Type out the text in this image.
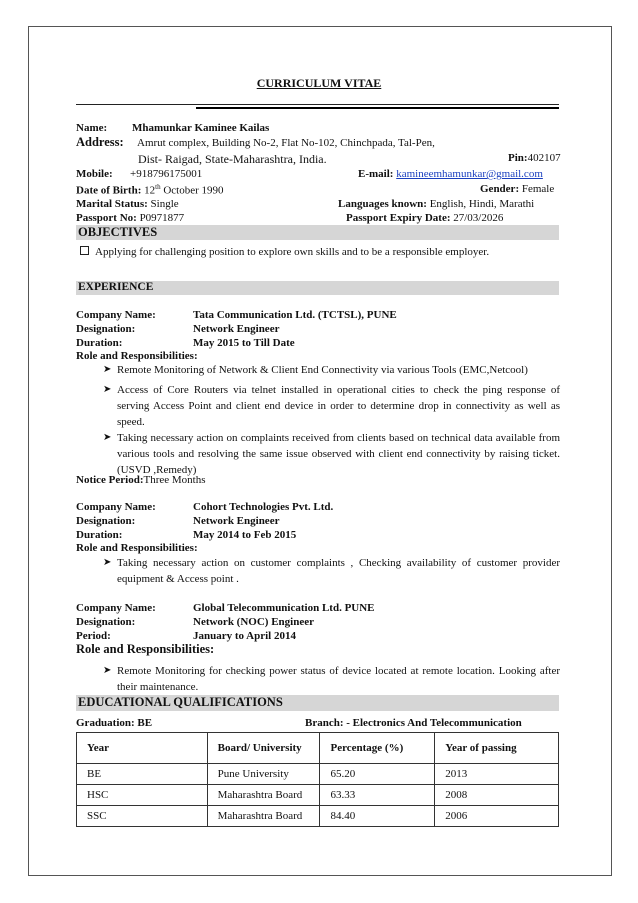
CURRICULUM VITAE
Name: Mhamunkar Kaminee Kailas
Address: Amrut complex, Building No-2, Flat No-102, Chinchpada, Tal-Pen,
Dist- Raigad, State-Maharashtra, India.	Pin:402107
Mobile: +918796175001	E-mail: kamineemhamunkar@gmail.com
Date of Birth: 12th October 1990	Gender: Female
Marital Status: Single	Languages known: English, Hindi, Marathi
Passport No: P0971877	Passport Expiry Date: 27/03/2026
OBJECTIVES
Applying for challenging position to explore own skills and to be a responsible employer.
EXPERIENCE
Company Name:	Tata Communication Ltd. (TCTSL), PUNE
Designation:	Network Engineer
Duration:	May 2015 to Till Date
Role and Responsibilities:
➤ Remote Monitoring of Network & Client End Connectivity via various Tools (EMC,Netcool)
➤ Access of Core Routers via telnet installed in operational cities to check the ping response of serving Access Point and client end device in order to determine drop in connectivity as well as speed.
➤ Taking necessary action on complaints received from clients based on technical data available from various tools and resolving the same issue observed with client end connectivity by raising ticket.(USVD ,Remedy)
Notice Period:Three Months
Company Name:	Cohort Technologies Pvt. Ltd.
Designation:	Network Engineer
Duration:	May 2014 to Feb 2015
Role and Responsibilities:
➤ Taking necessary action on customer complaints , Checking availability of customer provider equipment & Access point .
Company Name:	Global Telecommunication Ltd. PUNE
Designation:	Network (NOC) Engineer
Period:	January to April 2014
Role and Responsibilities:
➤ Remote Monitoring for checking power status of device located at remote location. Looking after their maintenance.
EDUCATIONAL QUALIFICATIONS
Graduation: BE	Branch: - Electronics And Telecommunication
Year	Board/ University	Percentage (%)	Year of passing
BE	Pune University	65.20	2013
HSC	Maharashtra Board	63.33	2008
SSC	Maharashtra Board	84.40	2006
